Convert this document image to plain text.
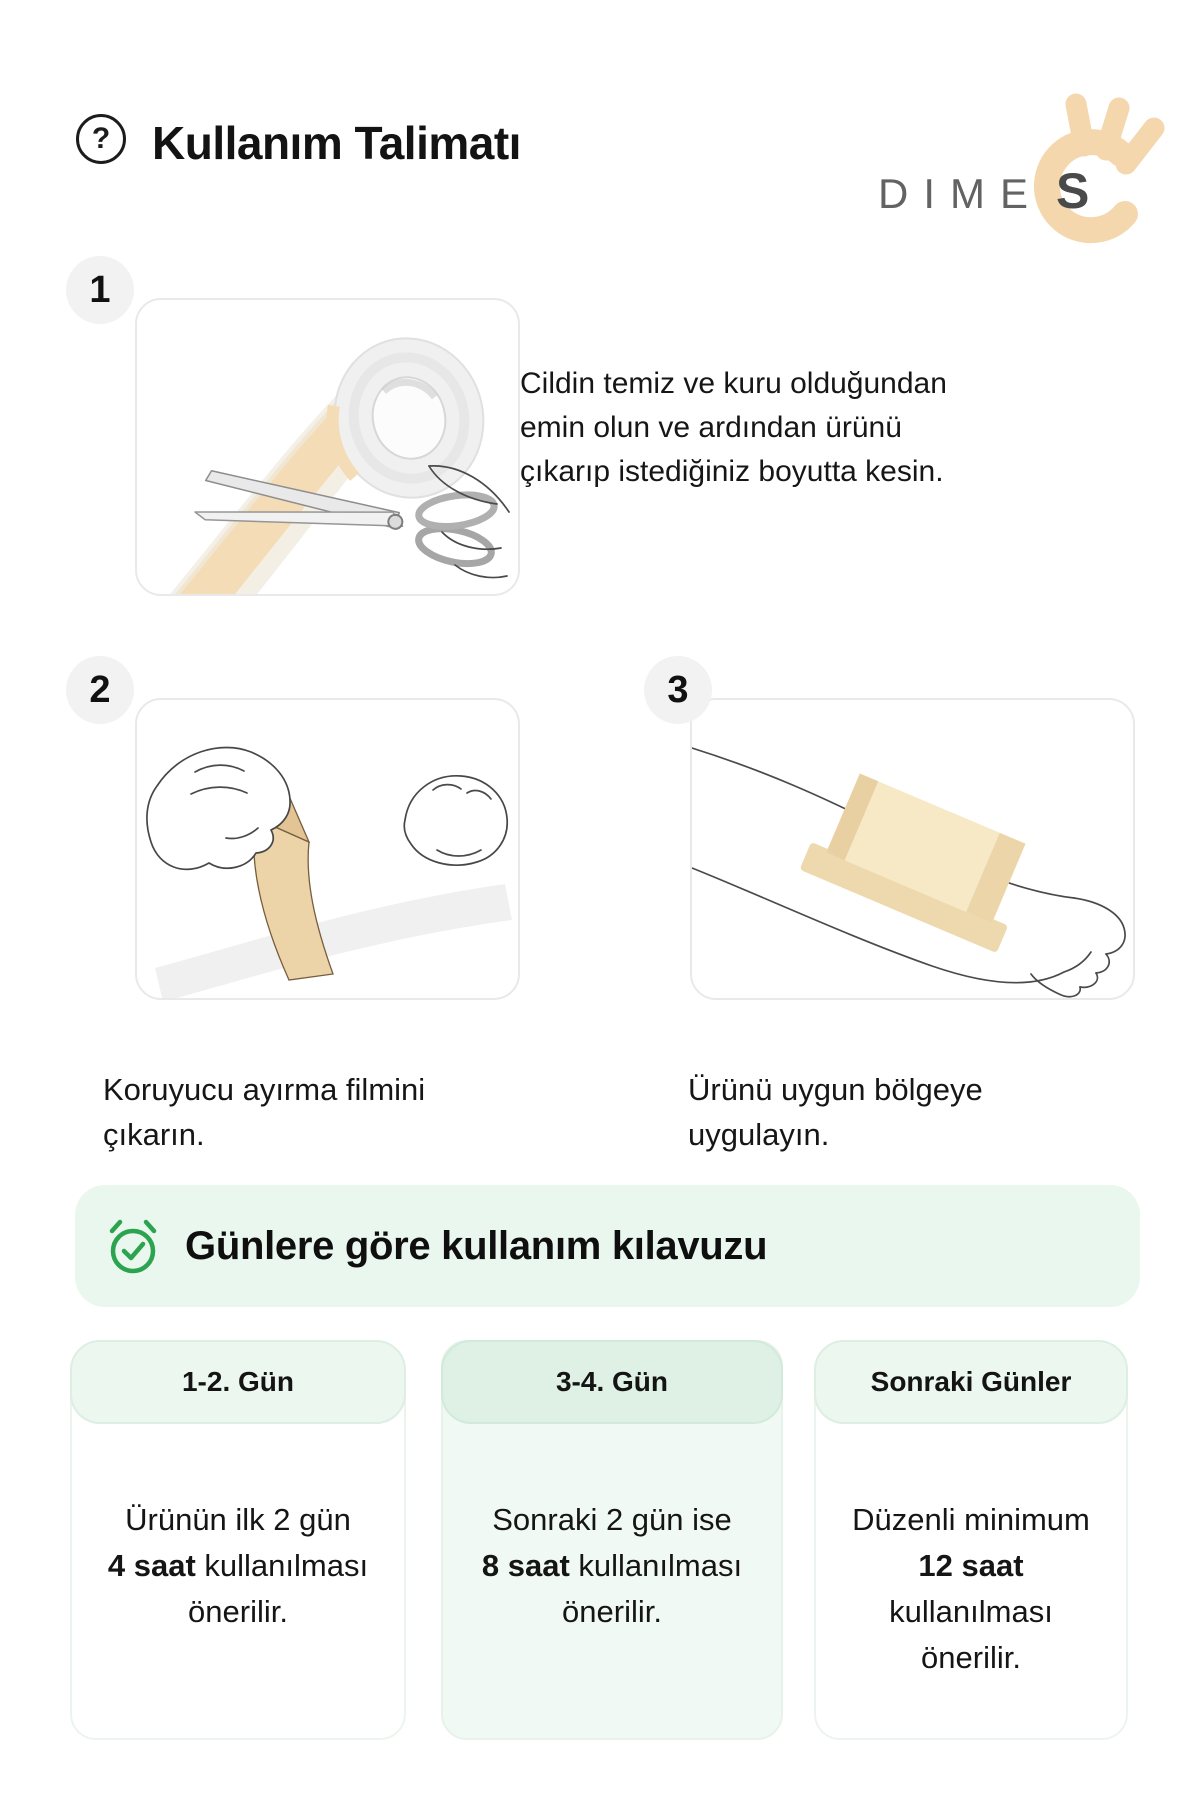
? Kullanım Talimatı
DIME S
1

Cildin temiz ve kuru olduğundan emin olun ve ardından ürünü çıkarıp istediğiniz boyutta kesin.

2

Koruyucu ayırma filmini çıkarın.

3

Ürünü uygun bölgeye uygulayın.

Günlere göre kullanım kılavuzu
1-2. Gün
Ürünün ilk 2 gün
4 saat kullanılması
önerilir.
3-4. Gün
Sonraki 2 gün ise
8 saat kullanılması
önerilir.
Sonraki Günler
Düzenli minimum
12 saat
kullanılması
önerilir.
